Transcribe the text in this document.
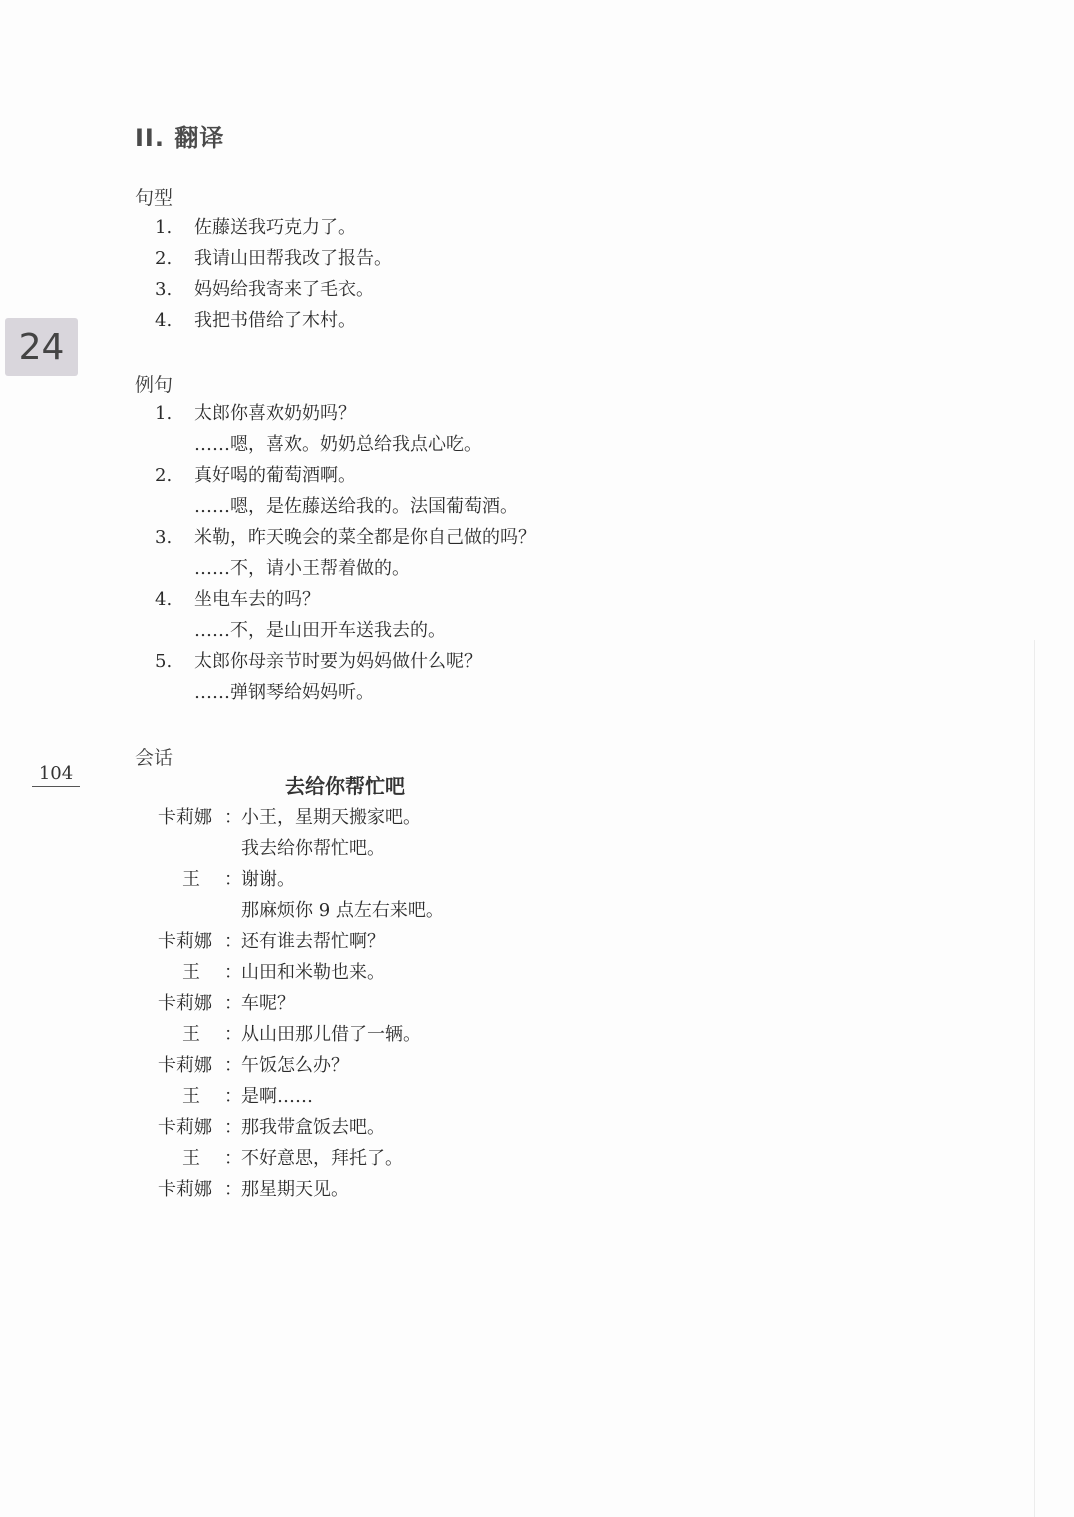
II. 翻译
24
句型
1.	佐藤送我巧克力了。
2.	我请山田帮我改了报告。
3.	妈妈给我寄来了毛衣。
4.	我把书借给了木村。
例句
1.	太郎你喜欢奶奶吗？
……嗯，喜欢。奶奶总给我点心吃。
2.	真好喝的葡萄酒啊。
……嗯，是佐藤送给我的。法国葡萄酒。
3.	米勒，昨天晚会的菜全都是你自己做的吗？
……不，请小王帮着做的。
4.	坐电车去的吗？
……不，是山田开车送我去的。
5.	太郎你母亲节时要为妈妈做什么呢？
……弹钢琴给妈妈听。
会话
104
去给你帮忙吧
卡莉娜 ： 小王，星期天搬家吧。
我去给你帮忙吧。
王	： 谢谢。
那麻烦你 9 点左右来吧。
卡莉娜 ： 还有谁去帮忙啊？
王	： 山田和米勒也来。
卡莉娜 ： 车呢？
王	： 从山田那儿借了一辆。
卡莉娜 ： 午饭怎么办？
王	： 是啊……
卡莉娜 ： 那我带盒饭去吧。
王	： 不好意思，拜托了。
卡莉娜 ： 那星期天见。
